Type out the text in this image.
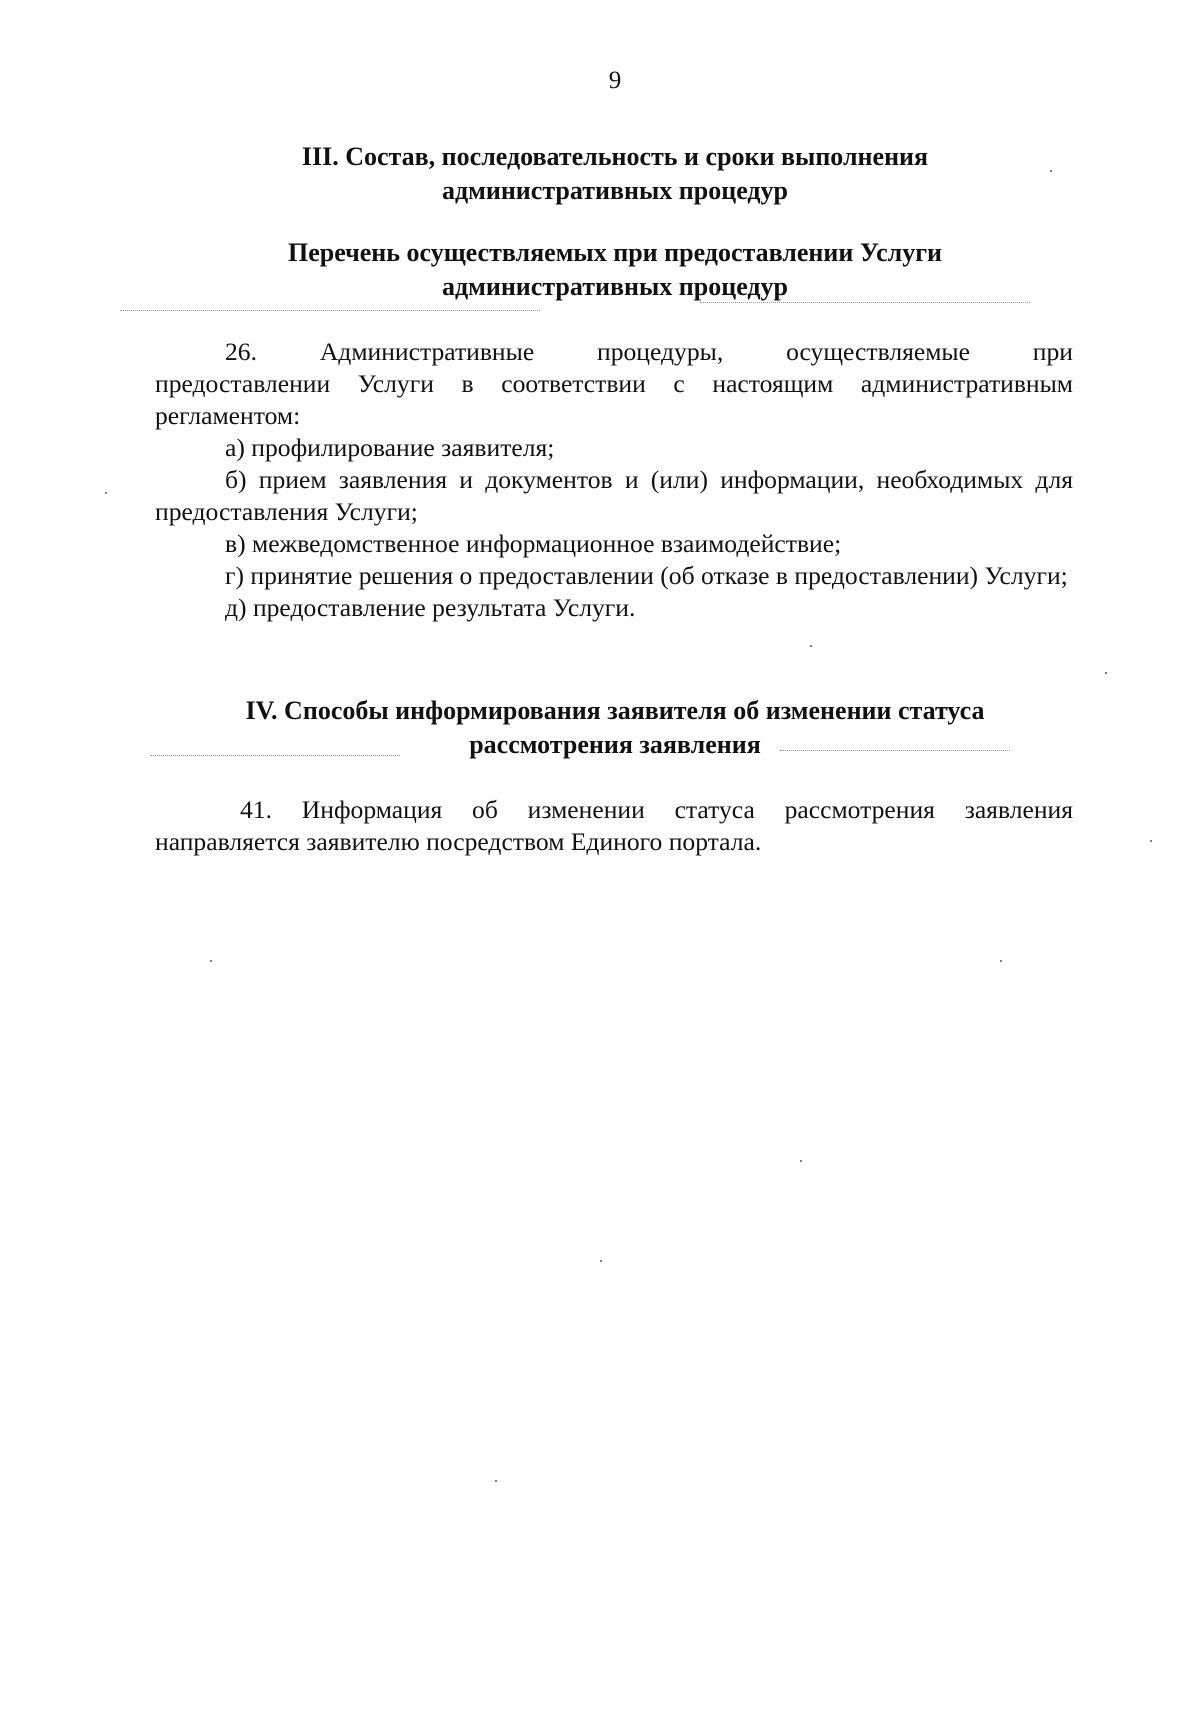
9
III. Состав, последовательность и сроки выполнения
административных процедур
Перечень осуществляемых при предоставлении Услуги
административных процедур

26. Административные процедуры, осуществляемые при

предоставлении Услуги в соответствии с настоящим административным регламентом:

а) профилирование заявителя;

б) прием заявления и документов и (или) информации, необходимых для предоставления Услуги;

в) межведомственное информационное взаимодействие;

г) принятие решения о предоставлении (об отказе в предоставлении) Услуги;

д) предоставление результата Услуги.

IV. Способы информирования заявителя об изменении статуса
рассмотрения заявления

41. Информация об изменении статуса рассмотрения заявления

направляется заявителю посредством Единого портала.
